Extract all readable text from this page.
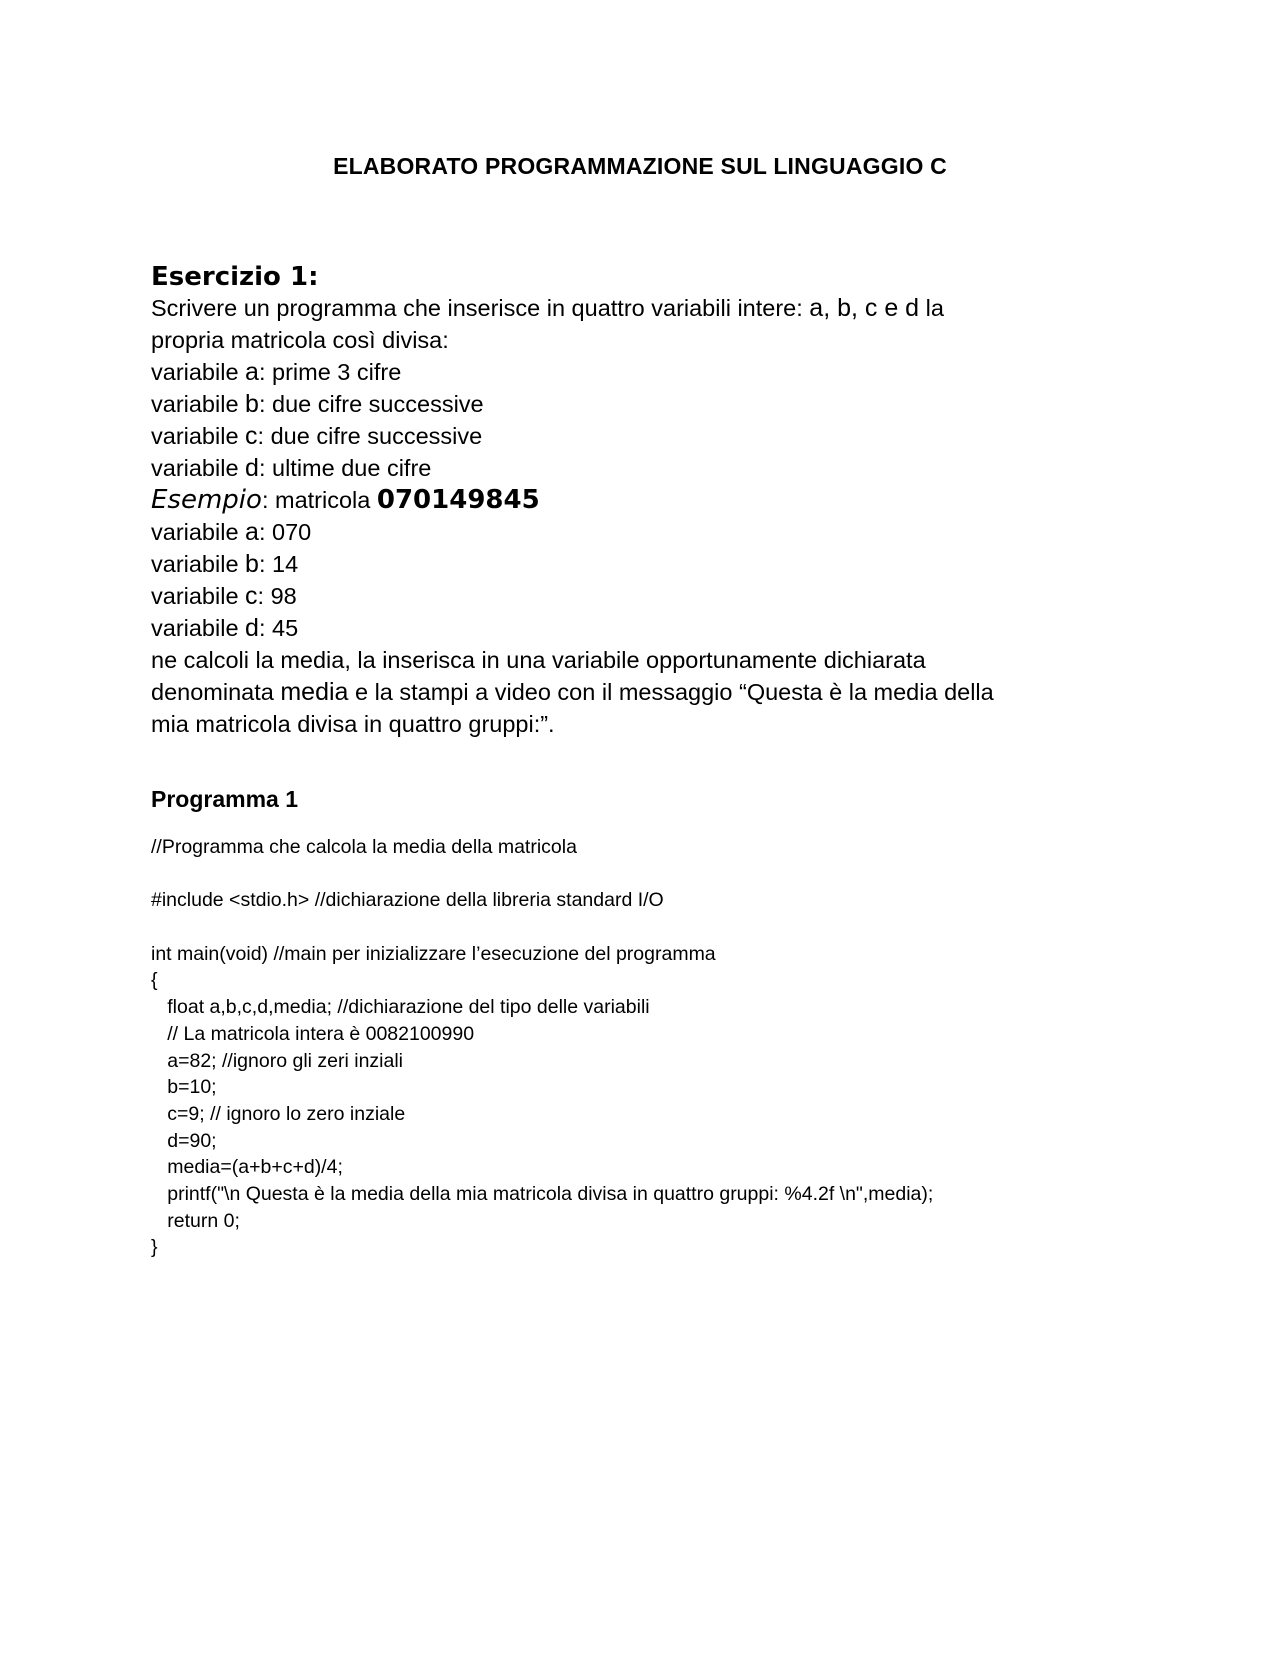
ELABORATO PROGRAMMAZIONE SUL LINGUAGGIO C
Esercizio 1:
Scrivere un programma che inserisce in quattro variabili intere: a, b, c e d la
propria matricola così divisa:
variabile a: prime 3 cifre
variabile b: due cifre successive
variabile c: due cifre successive
variabile d: ultime due cifre
Esempio: matricola 070149845
variabile a: 070
variabile b: 14
variabile c: 98
variabile d: 45
ne calcoli la media, la inserisca in una variabile opportunamente dichiarata
denominata media e la stampi a video con il messaggio “Questa è la media della
mia matricola divisa in quattro gruppi:”.
Programma 1
//Programma che calcola la media della matricola
#include <stdio.h> //dichiarazione della libreria standard I/O
int main(void) //main per inizializzare l’esecuzione del programma
{
float a,b,c,d,media; //dichiarazione del tipo delle variabili
// La matricola intera è 0082100990
a=82; //ignoro gli zeri inziali
b=10;
c=9; // ignoro lo zero inziale
d=90;
media=(a+b+c+d)/4;
printf("\n Questa è la media della mia matricola divisa in quattro gruppi: %4.2f \n",media);
return 0;
}
